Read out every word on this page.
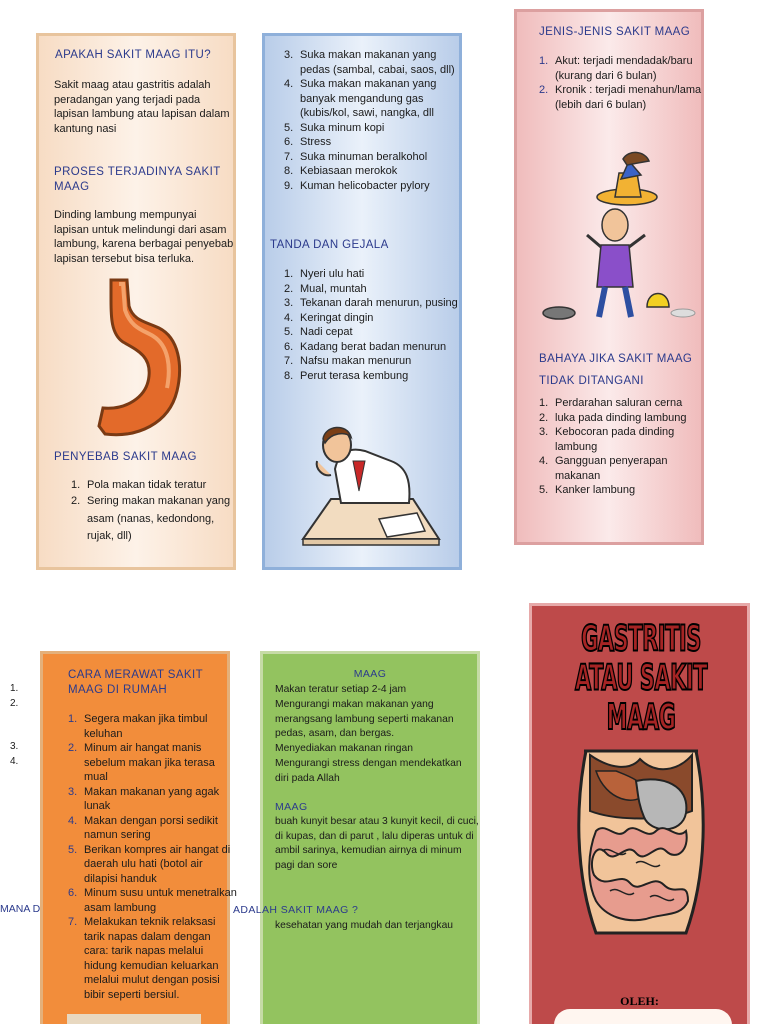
APAKAH SAKIT MAAG ITU?
Sakit maag atau gastritis adalah peradangan yang terjadi pada lapisan lambung atau lapisan dalam kantung nasi
PROSES TERJADINYA SAKIT
MAAG
Dinding lambung mempunyai lapisan untuk melindungi dari asam lambung, karena berbagai penyebab lapisan tersebut bisa terluka.
PENYEBAB SAKIT MAAG
1. Pola makan tidak teratur
2. Sering makan makanan yang asam (nanas, kedondong, rujak, dll)
3. Suka makan makanan yang pedas (sambal, cabai, saos, dll)
4. Suka makan makanan yang banyak mengandung gas (kubis/kol, sawi, nangka, dll
5. Suka minum kopi
6. Stress
7. Suka minuman beralkohol
8. Kebiasaan merokok
9. Kuman helicobacter pylory
TANDA DAN GEJALA
1. Nyeri ulu hati
2. Mual, muntah
3. Tekanan darah menurun, pusing
4. Keringat dingin
5. Nadi cepat
6. Kadang berat badan menurun
7. Nafsu makan menurun
8. Perut terasa kembung
JENIS-JENIS SAKIT MAAG
1. Akut: terjadi mendadak/baru (kurang dari 6 bulan)
2. Kronik : terjadi menahun/lama (lebih dari 6 bulan)
BAHAYA JIKA SAKIT MAAG
TIDAK DITANGANI
1. Perdarahan saluran cerna
2. luka pada dinding lambung
3. Kebocoran pada dinding lambung
4. Gangguan penyerapan makanan
5. Kanker lambung
1.
2.
3.
4.
MANA D
CARA MERAWAT SAKIT
MAAG DI RUMAH
1. Segera makan jika timbul keluhan
2. Minum air hangat manis sebelum makan jika terasa mual
3. Makan makanan yang agak lunak
4. Makan dengan porsi sedikit namun sering
5. Berikan kompres air hangat di daerah ulu hati (botol air dilapisi handuk
6. Minum susu untuk menetralkan asam lambung
7. Melakukan teknik relaksasi tarik napas dalam dengan cara: tarik napas melalui hidung kemudian keluarkan melalui mulut dengan posisi bibir seperti bersiul.
MAAG
Makan teratur setiap 2-4 jam
Mengurangi makan makanan yang merangsang lambung seperti makanan pedas, asam, dan bergas.
Menyediakan makanan ringan
Mengurangi stress dengan mendekatkan diri pada Allah
MAAG
buah kunyit besar atau 3 kunyit kecil, di cuci, di kupas, dan di parut , lalu diperas untuk di ambil sarinya, kemudian airnya di minum pagi dan sore
ADALAH SAKIT MAAG ?
kesehatan yang mudah dan terjangkau
GASTRITIS ATAU SAKIT MAAG
OLEH:
